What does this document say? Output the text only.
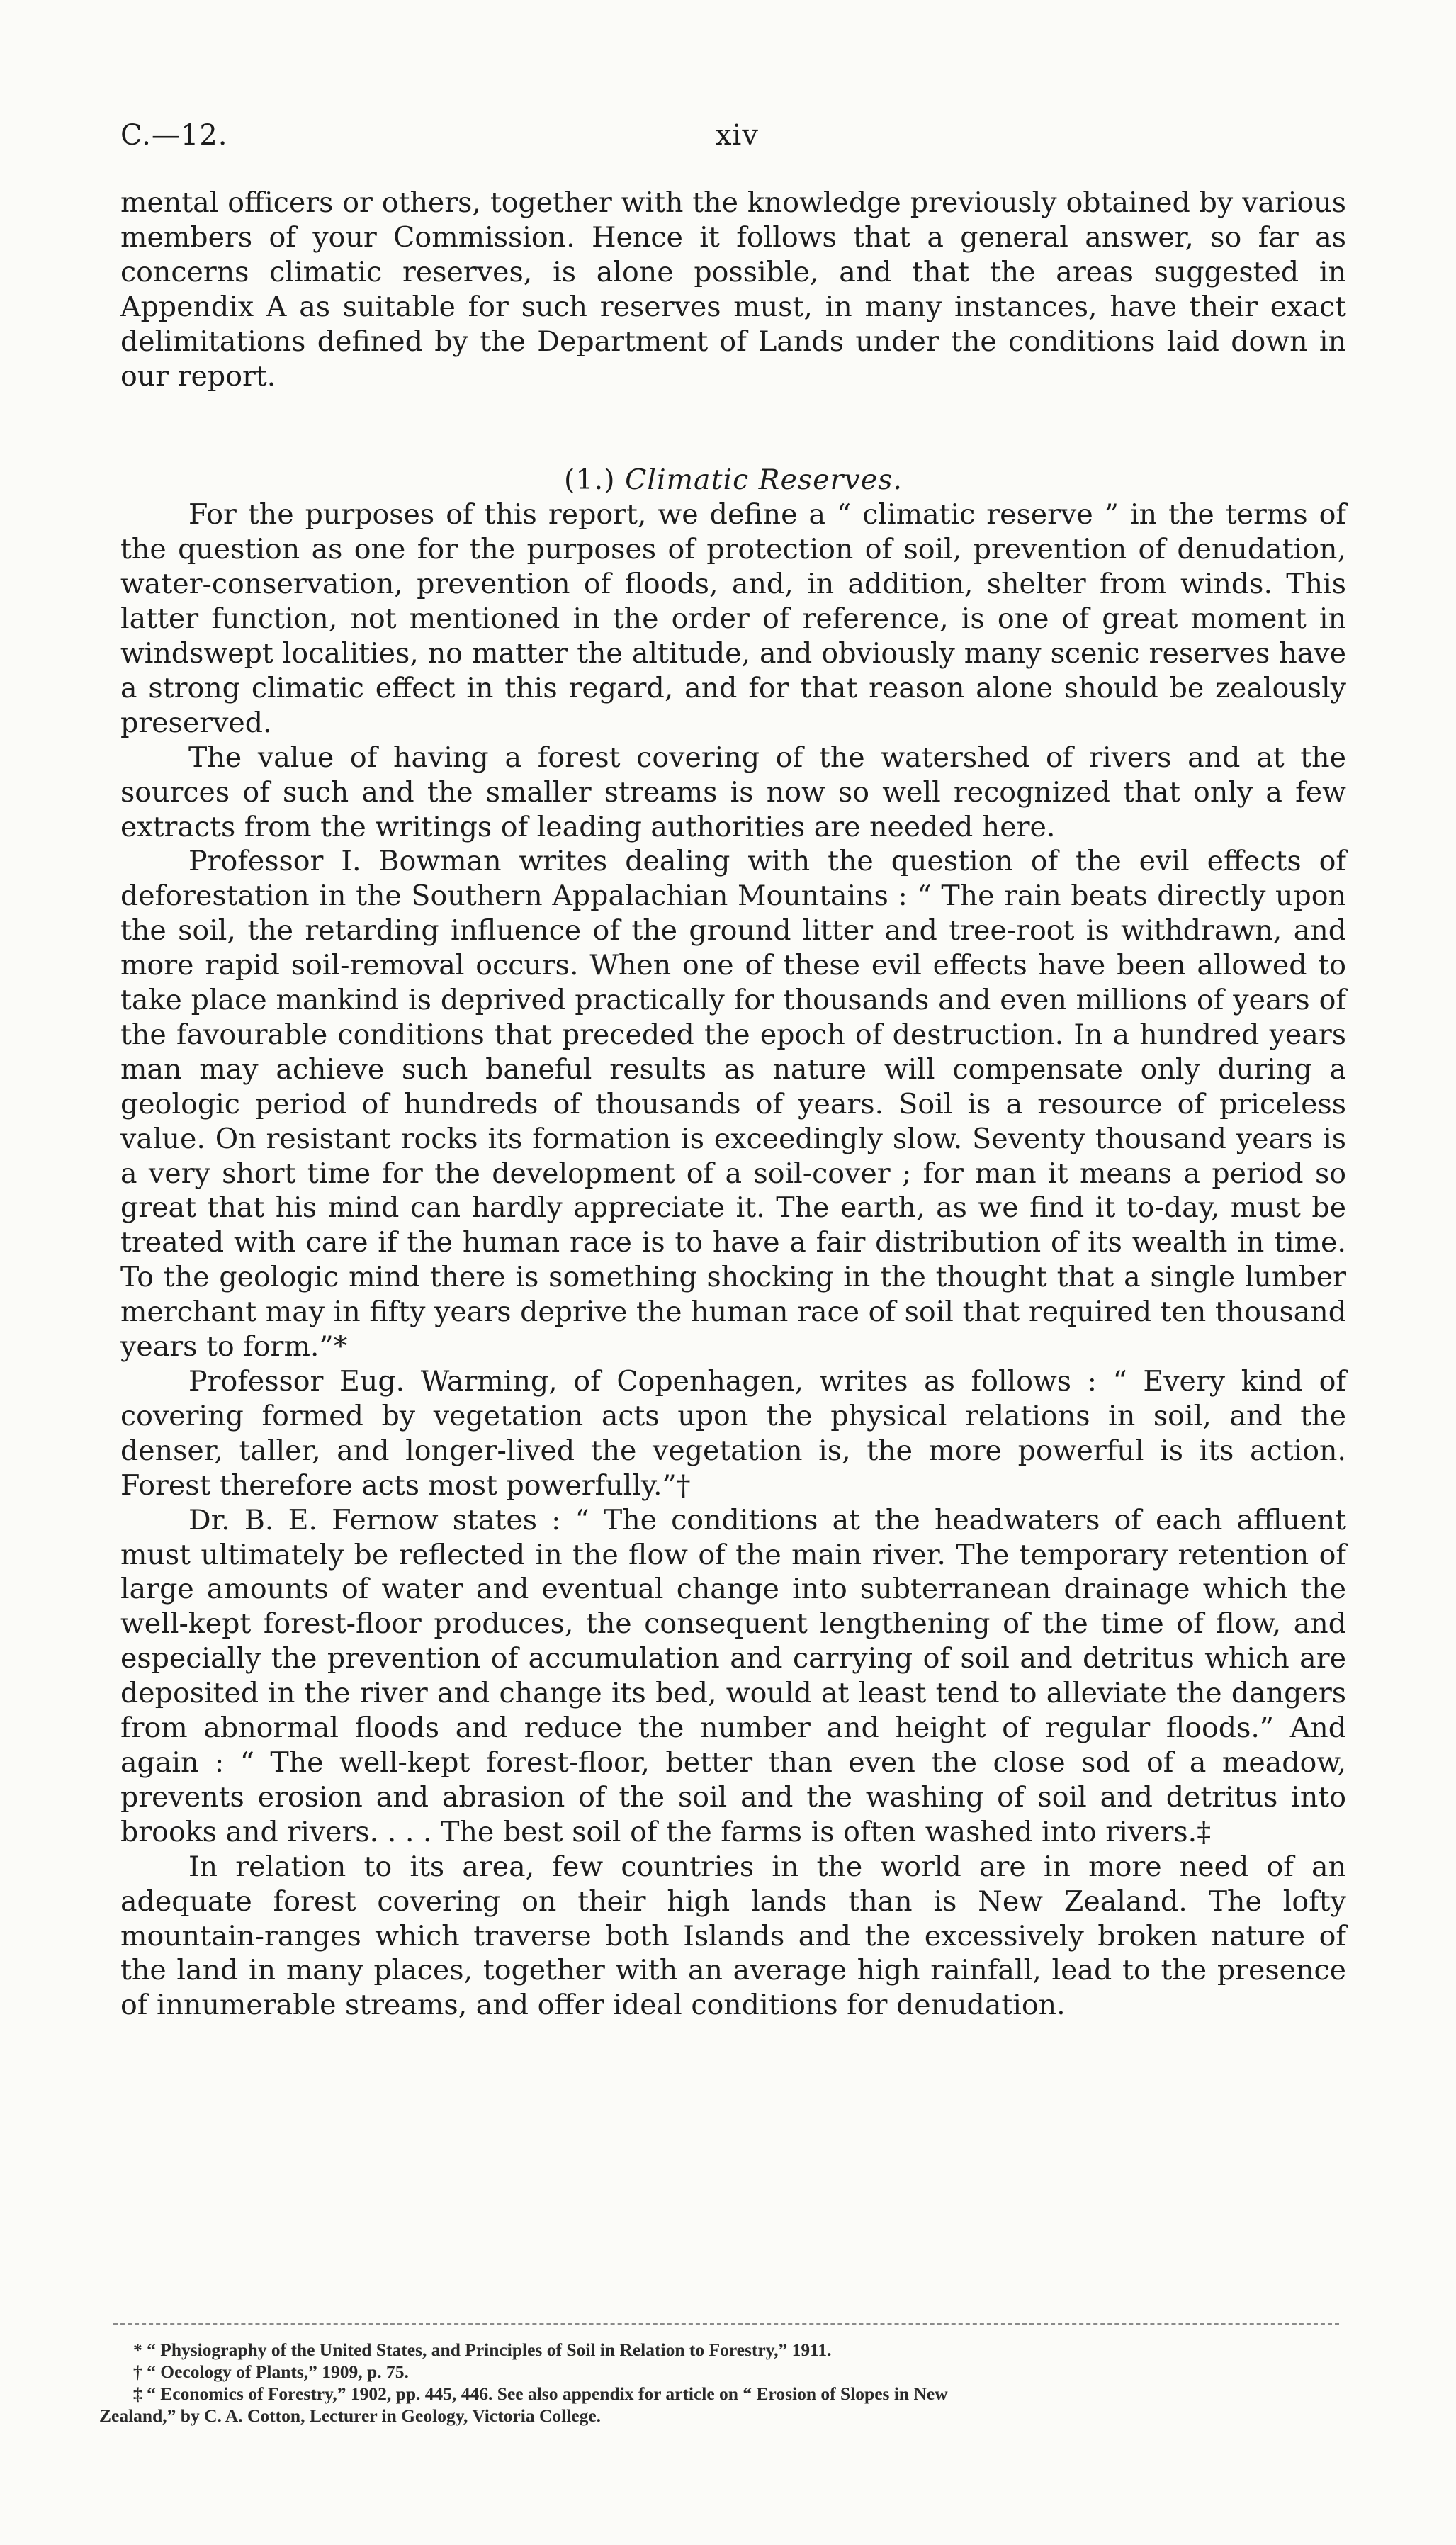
C.—12.	xiv

mental officers or others, together with the knowledge previously obtained by various members of your Commission. Hence it follows that a general answer, so far as concerns climatic reserves, is alone possible, and that the areas suggested in Appendix A as suitable for such reserves must, in many instances, have their exact delimitations defined by the Department of Lands under the conditions laid down in our report.

(1.) Climatic Reserves.

For the purposes of this report, we define a “ climatic reserve ” in the terms of the question as one for the purposes of protection of soil, prevention of denudation, water-conservation, prevention of floods, and, in addition, shelter from winds. This latter function, not mentioned in the order of reference, is one of great moment in windswept localities, no matter the altitude, and obviously many scenic reserves have a strong climatic effect in this regard, and for that reason alone should be zealously preserved.

The value of having a forest covering of the watershed of rivers and at the sources of such and the smaller streams is now so well recognized that only a few extracts from the writings of leading authorities are needed here.

Professor I. Bowman writes dealing with the question of the evil effects of deforestation in the Southern Appalachian Mountains : “ The rain beats directly upon the soil, the retarding influence of the ground litter and tree-root is withdrawn, and more rapid soil-removal occurs. When one of these evil effects have been allowed to take place mankind is deprived practically for thousands and even millions of years of the favourable conditions that preceded the epoch of destruction. In a hundred years man may achieve such baneful results as nature will compensate only during a geologic period of hundreds of thousands of years. Soil is a resource of priceless value. On resistant rocks its formation is exceedingly slow. Seventy thousand years is a very short time for the development of a soil-cover ; for man it means a period so great that his mind can hardly appreciate it. The earth, as we find it to-day, must be treated with care if the human race is to have a fair distribution of its wealth in time. To the geologic mind there is something shocking in the thought that a single lumber merchant may in fifty years deprive the human race of soil that required ten thousand years to form.”*

Professor Eug. Warming, of Copenhagen, writes as follows : “ Every kind of covering formed by vegetation acts upon the physical relations in soil, and the denser, taller, and longer-lived the vegetation is, the more powerful is its action. Forest therefore acts most powerfully.”†

Dr. B. E. Fernow states : “ The conditions at the headwaters of each affluent must ultimately be reflected in the flow of the main river. The temporary retention of large amounts of water and eventual change into subterranean drainage which the well-kept forest-floor produces, the consequent lengthening of the time of flow, and especially the prevention of accumulation and carrying of soil and detritus which are deposited in the river and change its bed, would at least tend to alleviate the dangers from abnormal floods and reduce the number and height of regular floods.” And again : “ The well-kept forest-floor, better than even the close sod of a meadow, prevents erosion and abrasion of the soil and the washing of soil and detritus into brooks and rivers. . . . The best soil of the farms is often washed into rivers.‡

In relation to its area, few countries in the world are in more need of an adequate forest covering on their high lands than is New Zealand. The lofty mountain-ranges which traverse both Islands and the excessively broken nature of the land in many places, together with an average high rainfall, lead to the presence of innumerable streams, and offer ideal conditions for denudation.

* “ Physiography of the United States, and Principles of Soil in Relation to Forestry,” 1911.

† “ Oecology of Plants,” 1909, p. 75.

‡ “ Economics of Forestry,” 1902, pp. 445, 446. See also appendix for article on “ Erosion of Slopes in New

Zealand,” by C. A. Cotton, Lecturer in Geology, Victoria College.
